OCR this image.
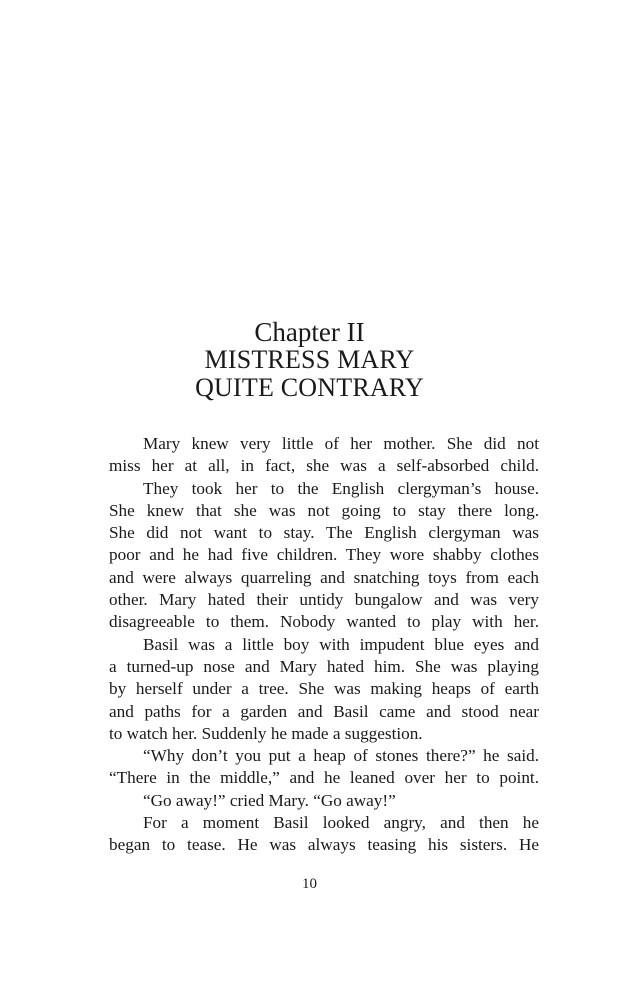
Chapter II
MISTRESS MARY
QUITE CONTRARY
Mary knew very little of her mother. She did not
miss her at all, in fact, she was a self-absorbed child.
They took her to the English clergyman’s house.
She knew that she was not going to stay there long.
She did not want to stay. The English clergyman was
poor and he had five children. They wore shabby clothes
and were always quarreling and snatching toys from each
other. Mary hated their untidy bungalow and was very
disagreeable to them. Nobody wanted to play with her.
Basil was a little boy with impudent blue eyes and
a turned-up nose and Mary hated him. She was playing
by herself under a tree. She was making heaps of earth
and paths for a garden and Basil came and stood near
to watch her. Suddenly he made a suggestion.
“Why don’t you put a heap of stones there?” he said.
“There in the middle,” and he leaned over her to point.
“Go away!” cried Mary. “Go away!”
For a moment Basil looked angry, and then he
began to tease. He was always teasing his sisters. He
10
